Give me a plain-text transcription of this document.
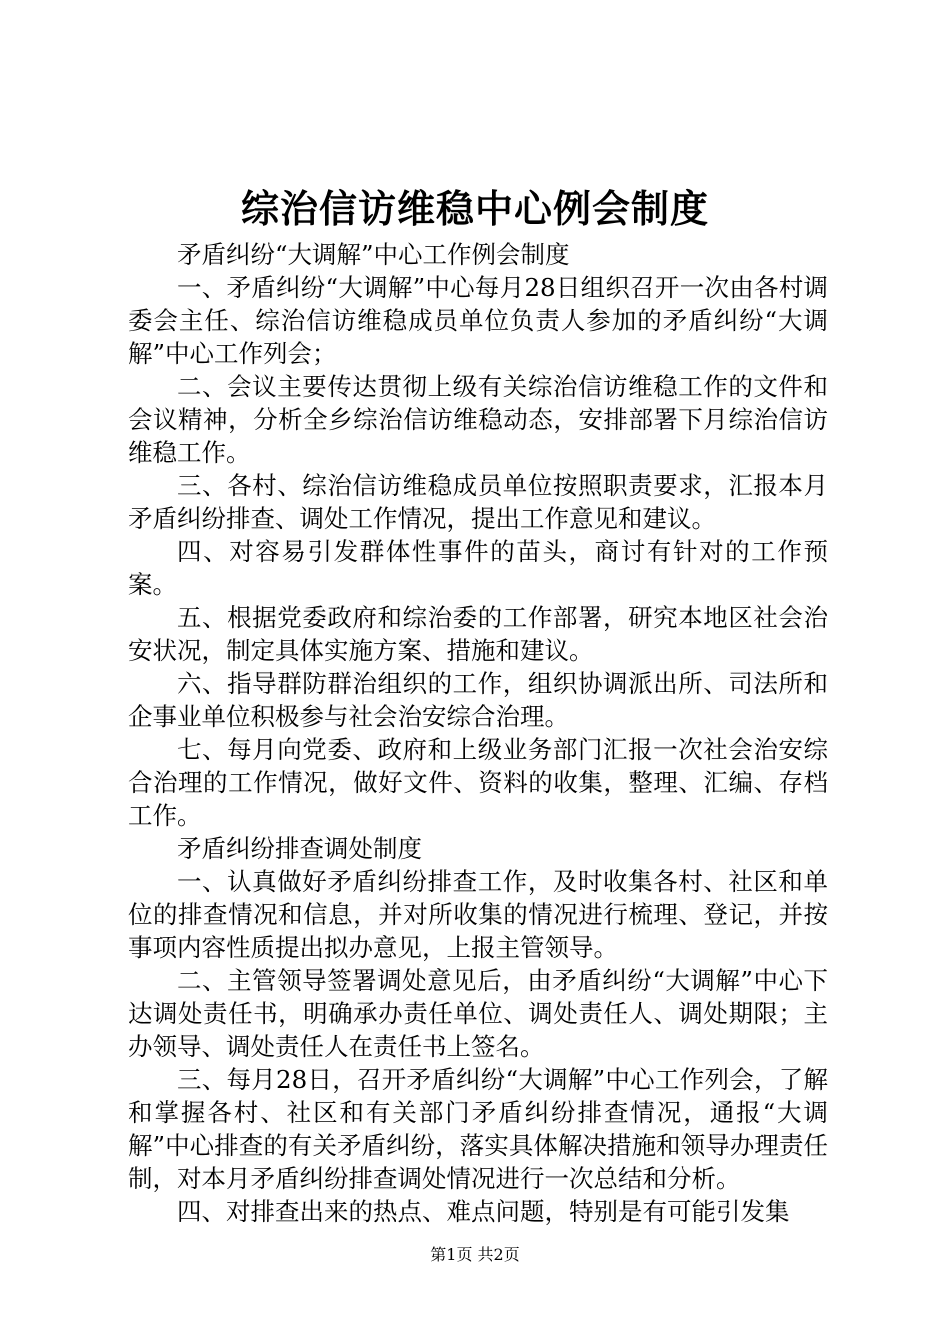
综治信访维稳中心例会制度

矛盾纠纷“大调解”中心工作例会制度

一、矛盾纠纷“大调解”中心每月28日组织召开一次由各村调委会主任、综治信访维稳成员单位负责人参加的矛盾纠纷“大调解”中心工作列会；

二、会议主要传达贯彻上级有关综治信访维稳工作的文件和会议精神，分析全乡综治信访维稳动态，安排部署下月综治信访维稳工作。

三、各村、综治信访维稳成员单位按照职责要求，汇报本月矛盾纠纷排查、调处工作情况，提出工作意见和建议。

四、对容易引发群体性事件的苗头，商讨有针对的工作预案。

五、根据党委政府和综治委的工作部署，研究本地区社会治安状况，制定具体实施方案、措施和建议。

六、指导群防群治组织的工作，组织协调派出所、司法所和企事业单位积极参与社会治安综合治理。

七、每月向党委、政府和上级业务部门汇报一次社会治安综合治理的工作情况，做好文件、资料的收集，整理、汇编、存档工作。

矛盾纠纷排查调处制度

一、认真做好矛盾纠纷排查工作，及时收集各村、社区和单位的排查情况和信息，并对所收集的情况进行梳理、登记，并按事项内容性质提出拟办意见，上报主管领导。

二、主管领导签署调处意见后，由矛盾纠纷“大调解”中心下达调处责任书，明确承办责任单位、调处责任人、调处期限；主办领导、调处责任人在责任书上签名。

三、每月28日，召开矛盾纠纷“大调解”中心工作列会，了解和掌握各村、社区和有关部门矛盾纠纷排查情况，通报“大调解”中心排查的有关矛盾纠纷，落实具体解决措施和领导办理责任制，对本月矛盾纠纷排查调处情况进行一次总结和分析。

四、对排查出来的热点、难点问题，特别是有可能引发集

第1页 共2页
